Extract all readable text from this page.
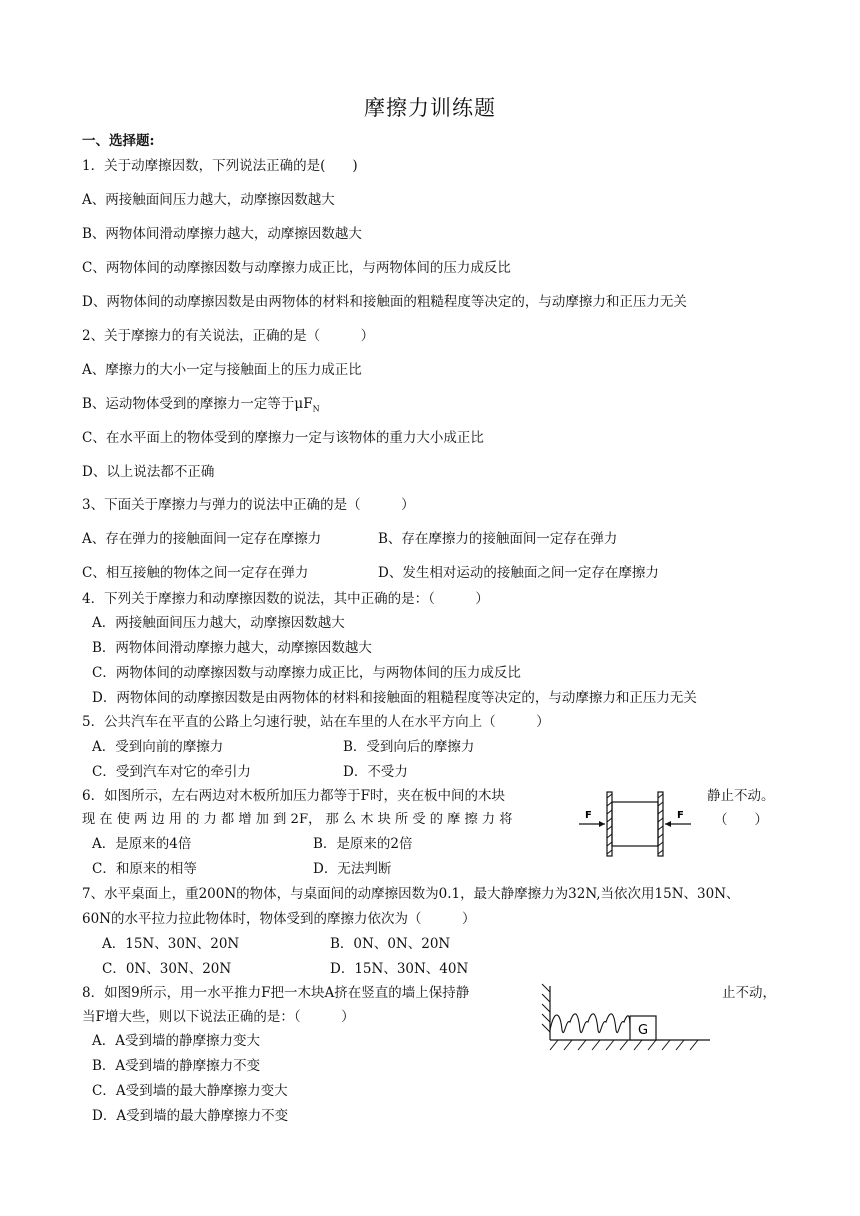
摩擦力训练题
一、选择题:
1．关于动摩擦因数，下列说法正确的是(　　)
A、两接触面间压力越大，动摩擦因数越大
B、两物体间滑动摩擦力越大，动摩擦因数越大
C、两物体间的动摩擦因数与动摩擦力成正比，与两物体间的压力成反比
D、两物体间的动摩擦因数是由两物体的材料和接触面的粗糙程度等决定的，与动摩擦力和正压力无关
2、关于摩擦力的有关说法，正确的是（　　　）
A、摩擦力的大小一定与接触面上的压力成正比
B、运动物体受到的摩擦力一定等于$\mu F_N$
C、在水平面上的物体受到的摩擦力一定与该物体的重力大小成正比
D、以上说法都不正确
3、下面关于摩擦力与弹力的说法中正确的是（　　　）
A、存在弹力的接触面间一定存在摩擦力	B、存在摩擦力的接触面间一定存在弹力
C、相互接触的物体之间一定存在弹力	D、发生相对运动的接触面之间一定存在摩擦力
4．下列关于摩擦力和动摩擦因数的说法，其中正确的是：（　　　）
A．两接触面间压力越大，动摩擦因数越大
B．两物体间滑动摩擦力越大，动摩擦因数越大
C．两物体间的动摩擦因数与动摩擦力成正比，与两物体间的压力成反比
D．两物体间的动摩擦因数是由两物体的材料和接触面的粗糙程度等决定的，与动摩擦力和正压力无关
5．公共汽车在平直的公路上匀速行驶，站在车里的人在水平方向上（　　　）
A．受到向前的摩擦力	B．受到向后的摩擦力
C．受到汽车对它的牵引力	D．不受力
6．如图所示，左右两边对木板所加压力都等于F时，夹在板中间的木块	静止不动。
现 在 使 两 边 用 的 力 都 增 加 到 2F， 那 么 木 块 所 受 的 摩 擦 力 将	（　　）
A．是原来的4倍	B．是原来的2倍
C．和原来的相等	D．无法判断
F	F
7、水平桌面上，重200N的物体，与桌面间的动摩擦因数为0.1，最大静摩擦力为32N,当依次用15N、30N、
60N的水平拉力拉此物体时，物体受到的摩擦力依次为（　　　）
A．15N、30N、20N	B．0N、0N、20N
C．0N、30N、20N	D．15N、30N、40N
8．如图9所示，用一水平推力F把一木块A挤在竖直的墙上保持静	止不动，
当F增大些，则以下说法正确的是：（　　　）
A．A受到墙的静摩擦力变大
B．A受到墙的静摩擦力不变
C．A受到墙的最大静摩擦力变大
D．A受到墙的最大静摩擦力不变
G
